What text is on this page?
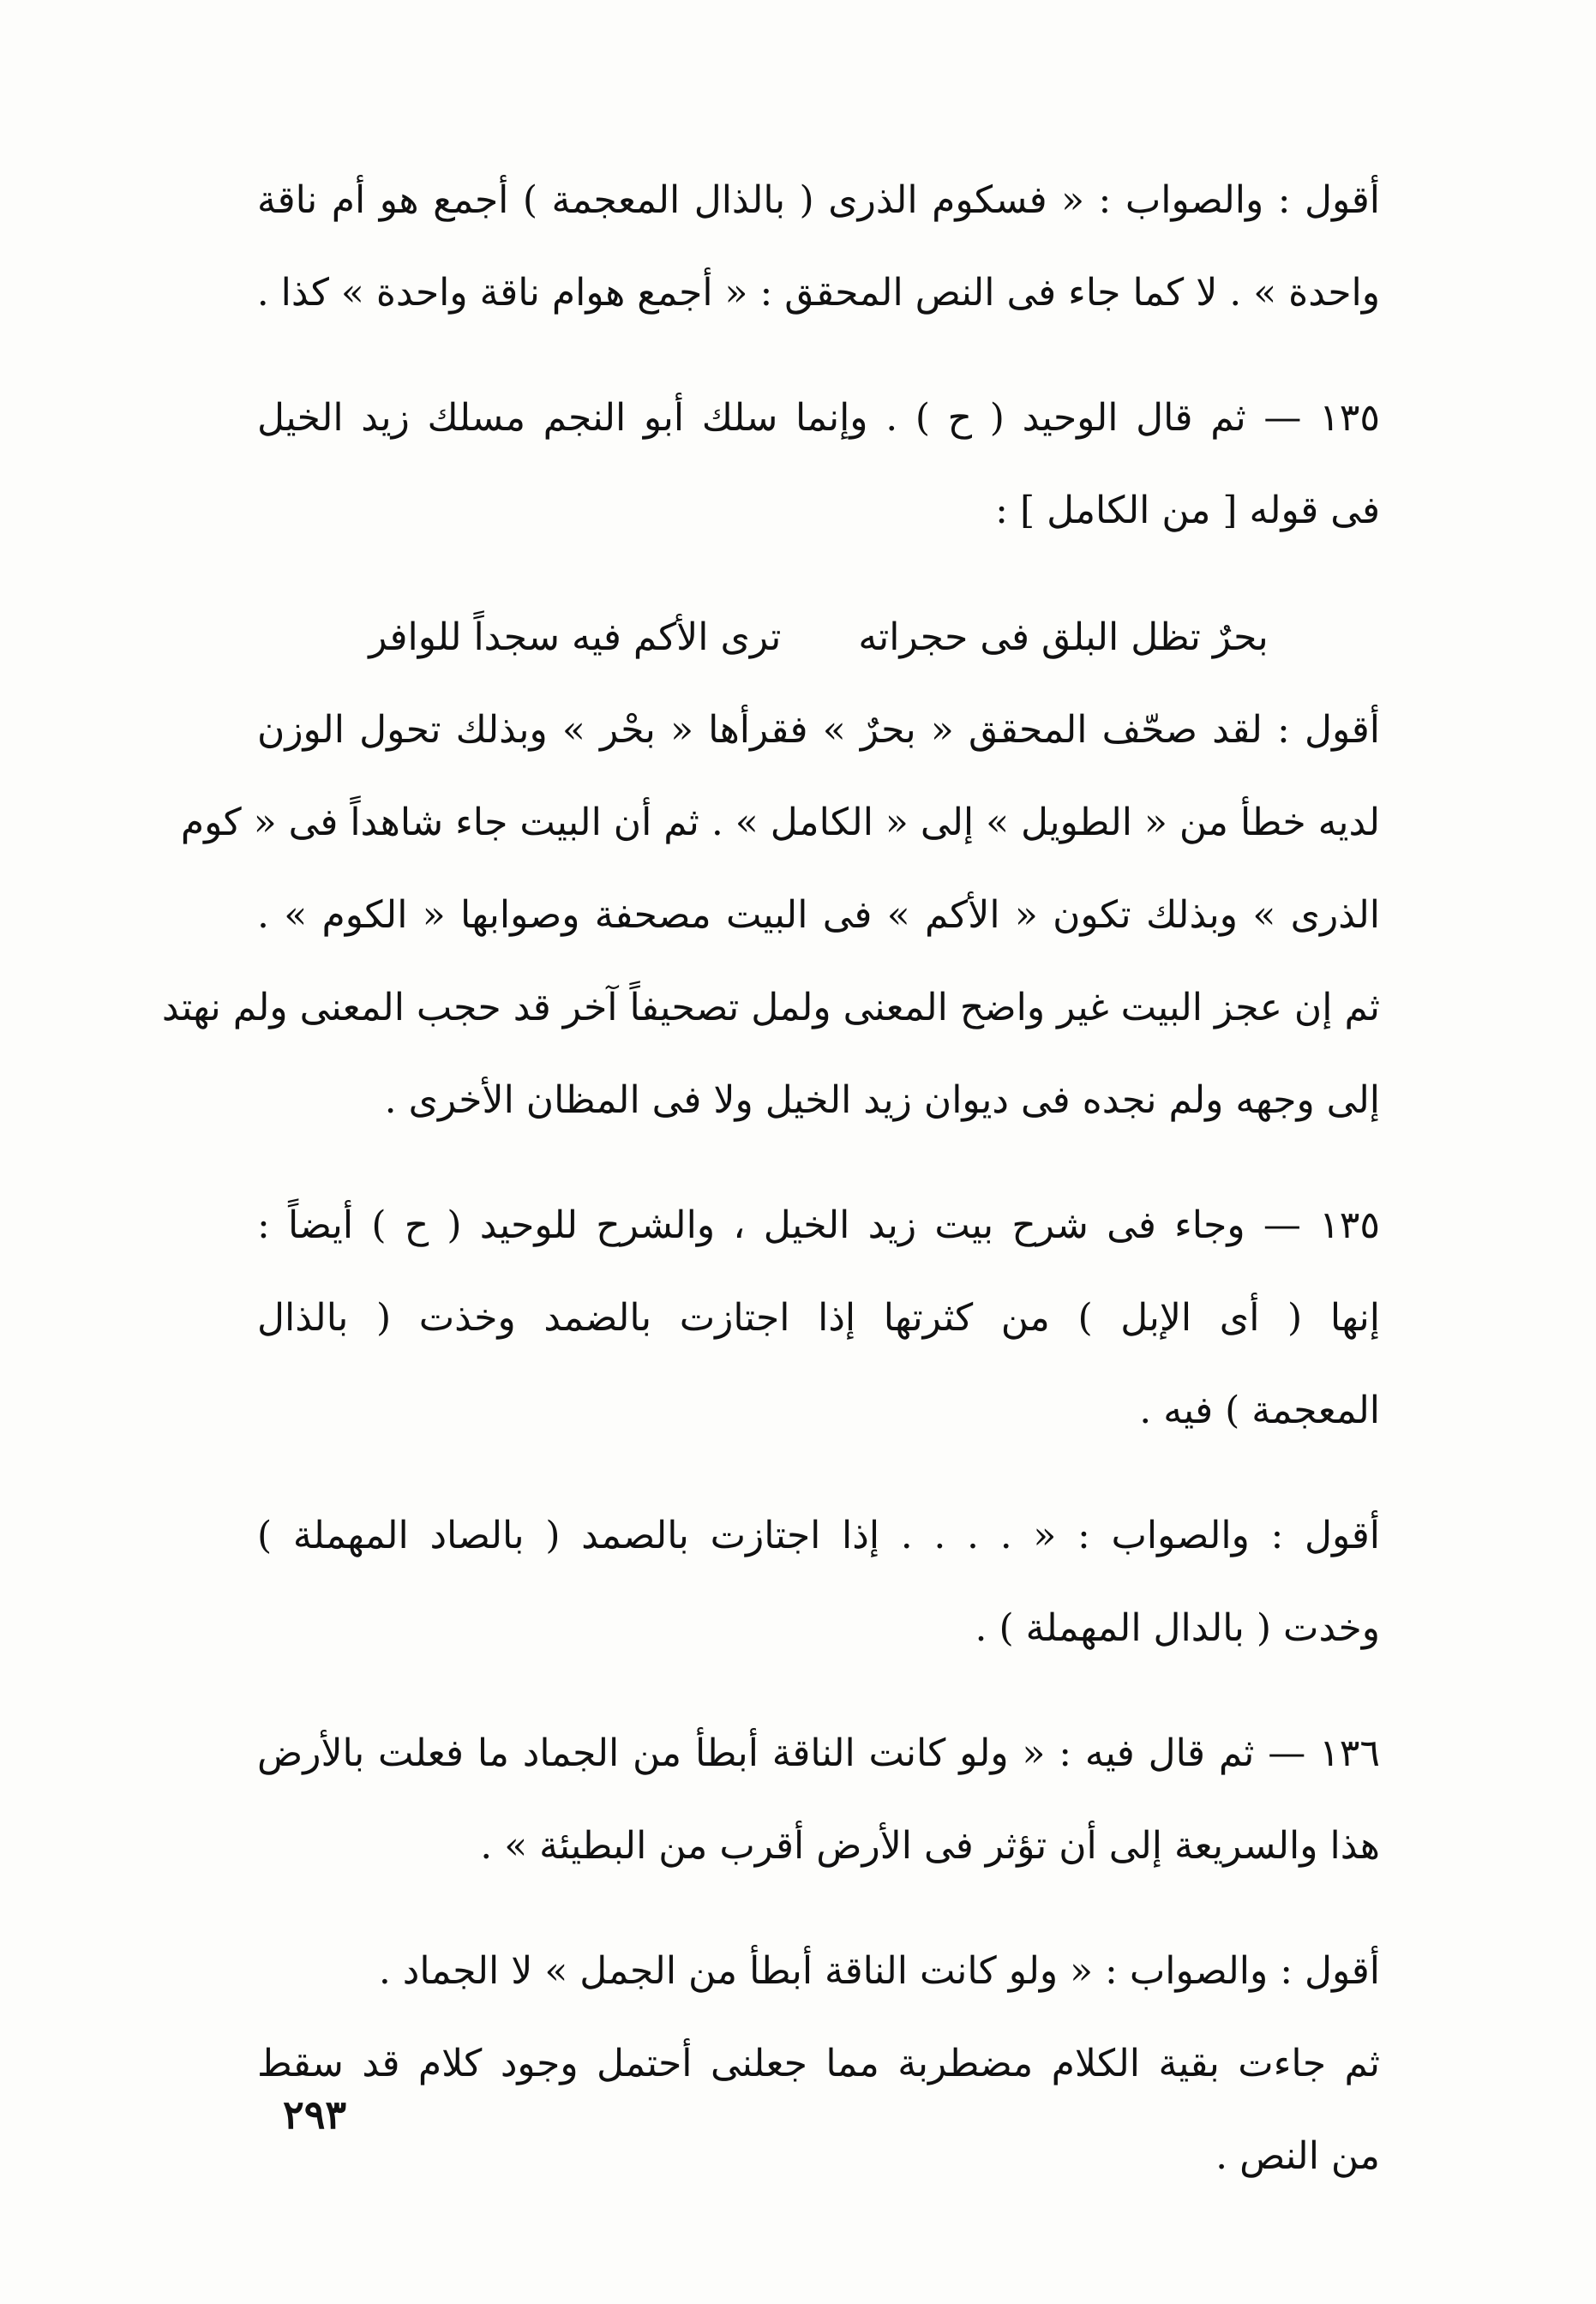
أقول : والصواب : « فسكوم الذرى ( بالذال المعجمة ) أجمع هو أم ناقة
واحدة » . لا كما جاء فى النص المحقق : « أجمع هوام ناقة واحدة » كذا .

١٣٥ — ثم قال الوحيد ( ح ) . وإنما سلك أبو النجم مسلك زيد الخيل
فى قوله [ من الكامل ] :

بحرٌ تظل البلق فى حجراته
ترى الأكم فيه سجداً للوافر

أقول : لقد صحّف المحقق « بحرٌ » فقرأها « بحْر » وبذلك تحول الوزن
لديه خطأ من « الطويل » إلى « الكامل » . ثم أن البيت جاء شاهداً فى « كوم
الذرى » وبذلك تكون « الأكم » فى البيت مصحفة وصوابها « الكوم » .
ثم إن عجز البيت غير واضح المعنى ولمل تصحيفاً آخر قد حجب المعنى ولم نهتد
إلى وجهه ولم نجده فى ديوان زيد الخيل ولا فى المظان الأخرى .

١٣٥ — وجاء فى شرح بيت زيد الخيل ، والشرح للوحيد ( ح ) أيضاً :
إنها ( أى الإبل ) من كثرتها إذا اجتازت بالضمد وخذت ( بالذال
المعجمة ) فيه .

أقول : والصواب : « . . . . إذا اجتازت بالصمد ( بالصاد المهملة )
وخدت ( بالدال المهملة ) .

١٣٦ — ثم قال فيه : « ولو كانت الناقة أبطأ من الجماد ما فعلت بالأرض
هذا والسريعة إلى أن تؤثر فى الأرض أقرب من البطيئة » .

أقول : والصواب : « ولو كانت الناقة أبطأ من الجمل » لا الجماد .

ثم جاءت بقية الكلام مضطربة مما جعلنى أحتمل وجود كلام قد سقط
من النص .

٢٩٣
